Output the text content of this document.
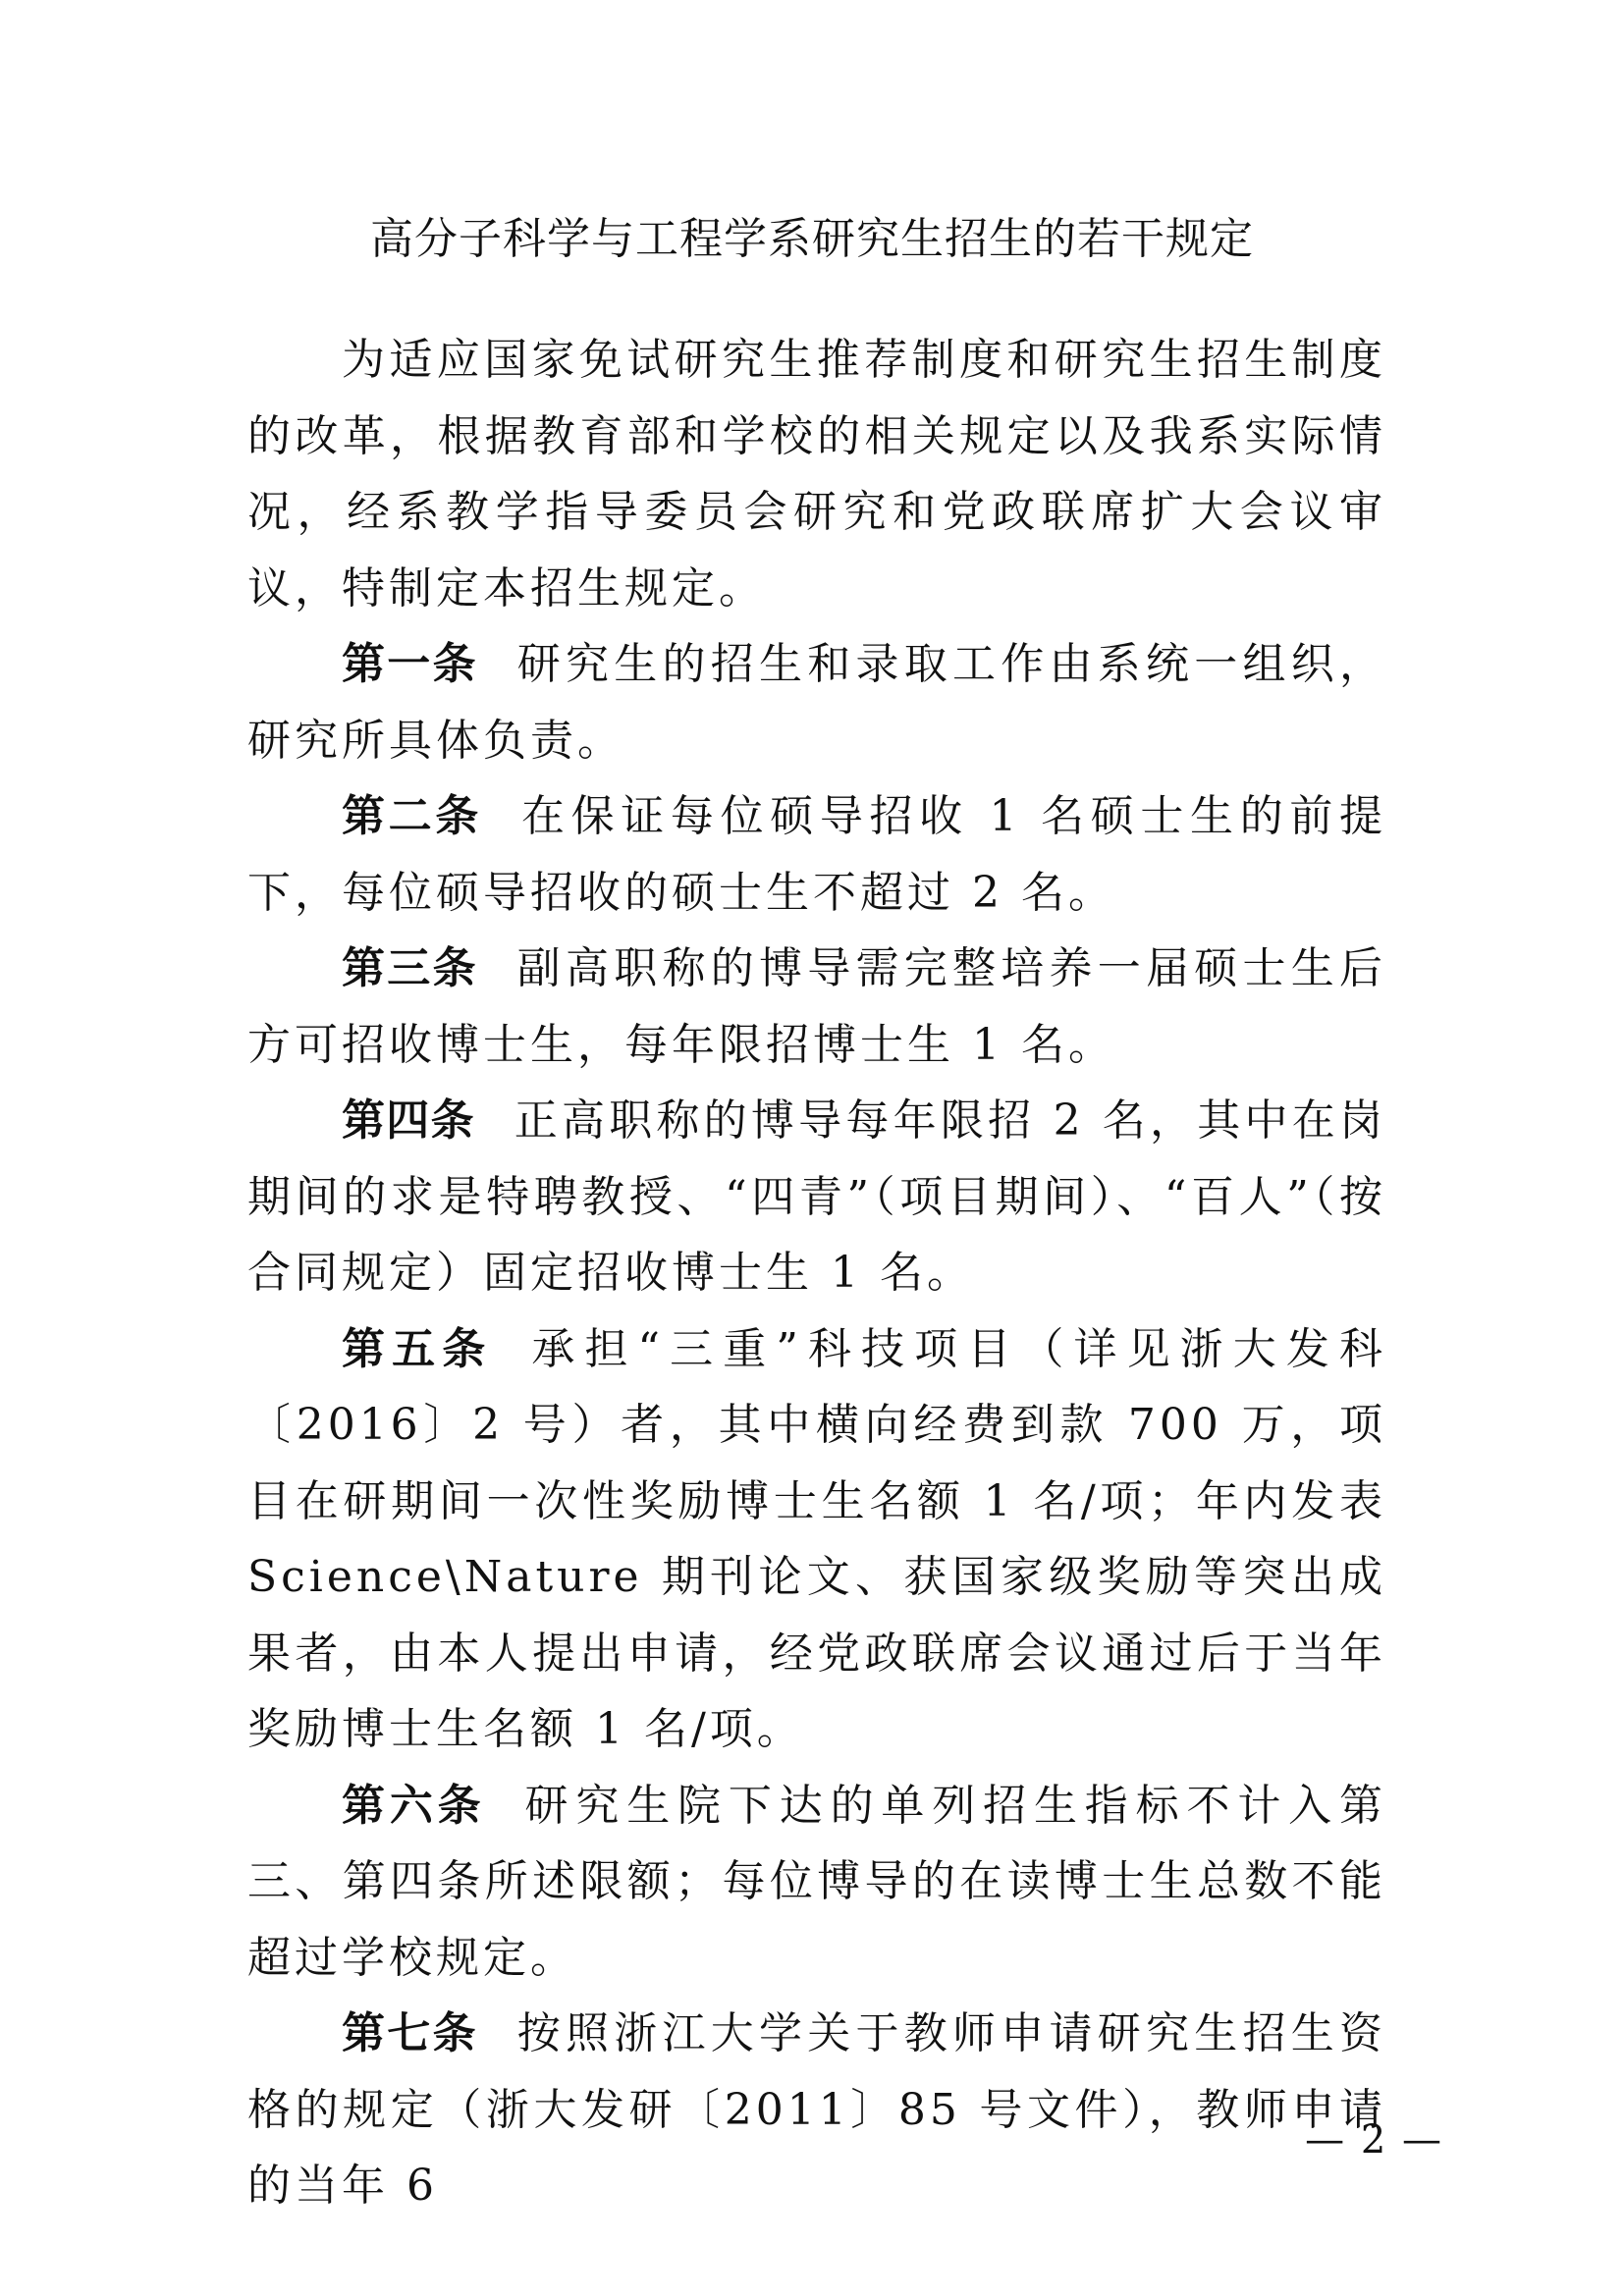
高分子科学与工程学系研究生招生的若干规定

为适应国家免试研究生推荐制度和研究生招生制度的改革，根据教育部和学校的相关规定以及我系实际情况，经系教学指导委员会研究和党政联席扩大会议审议，特制定本招生规定。

第一条 研究生的招生和录取工作由系统一组织，研究所具体负责。

第二条 在保证每位硕导招收 1 名硕士生的前提下，每位硕导招收的硕士生不超过 2 名。

第三条 副高职称的博导需完整培养一届硕士生后方可招收博士生，每年限招博士生 1 名。

第四条 正高职称的博导每年限招 2 名，其中在岗期间的求是特聘教授、“四青”（项目期间）、“百人”（按合同规定）固定招收博士生 1 名。

第五条 承担“三重”科技项目（详见浙大发科〔2016〕2 号）者，其中横向经费到款 700 万，项目在研期间一次性奖励博士生名额 1 名/项；年内发表 Science\Nature 期刊论文、获国家级奖励等突出成果者，由本人提出申请，经党政联席会议通过后于当年奖励博士生名额 1 名/项。

第六条 研究生院下达的单列招生指标不计入第三、第四条所述限额；每位博导的在读博士生总数不能超过学校规定。

第七条 按照浙江大学关于教师申请研究生招生资格的规定（浙大发研〔2011〕85 号文件），教师申请的当年 6

— 2 —
